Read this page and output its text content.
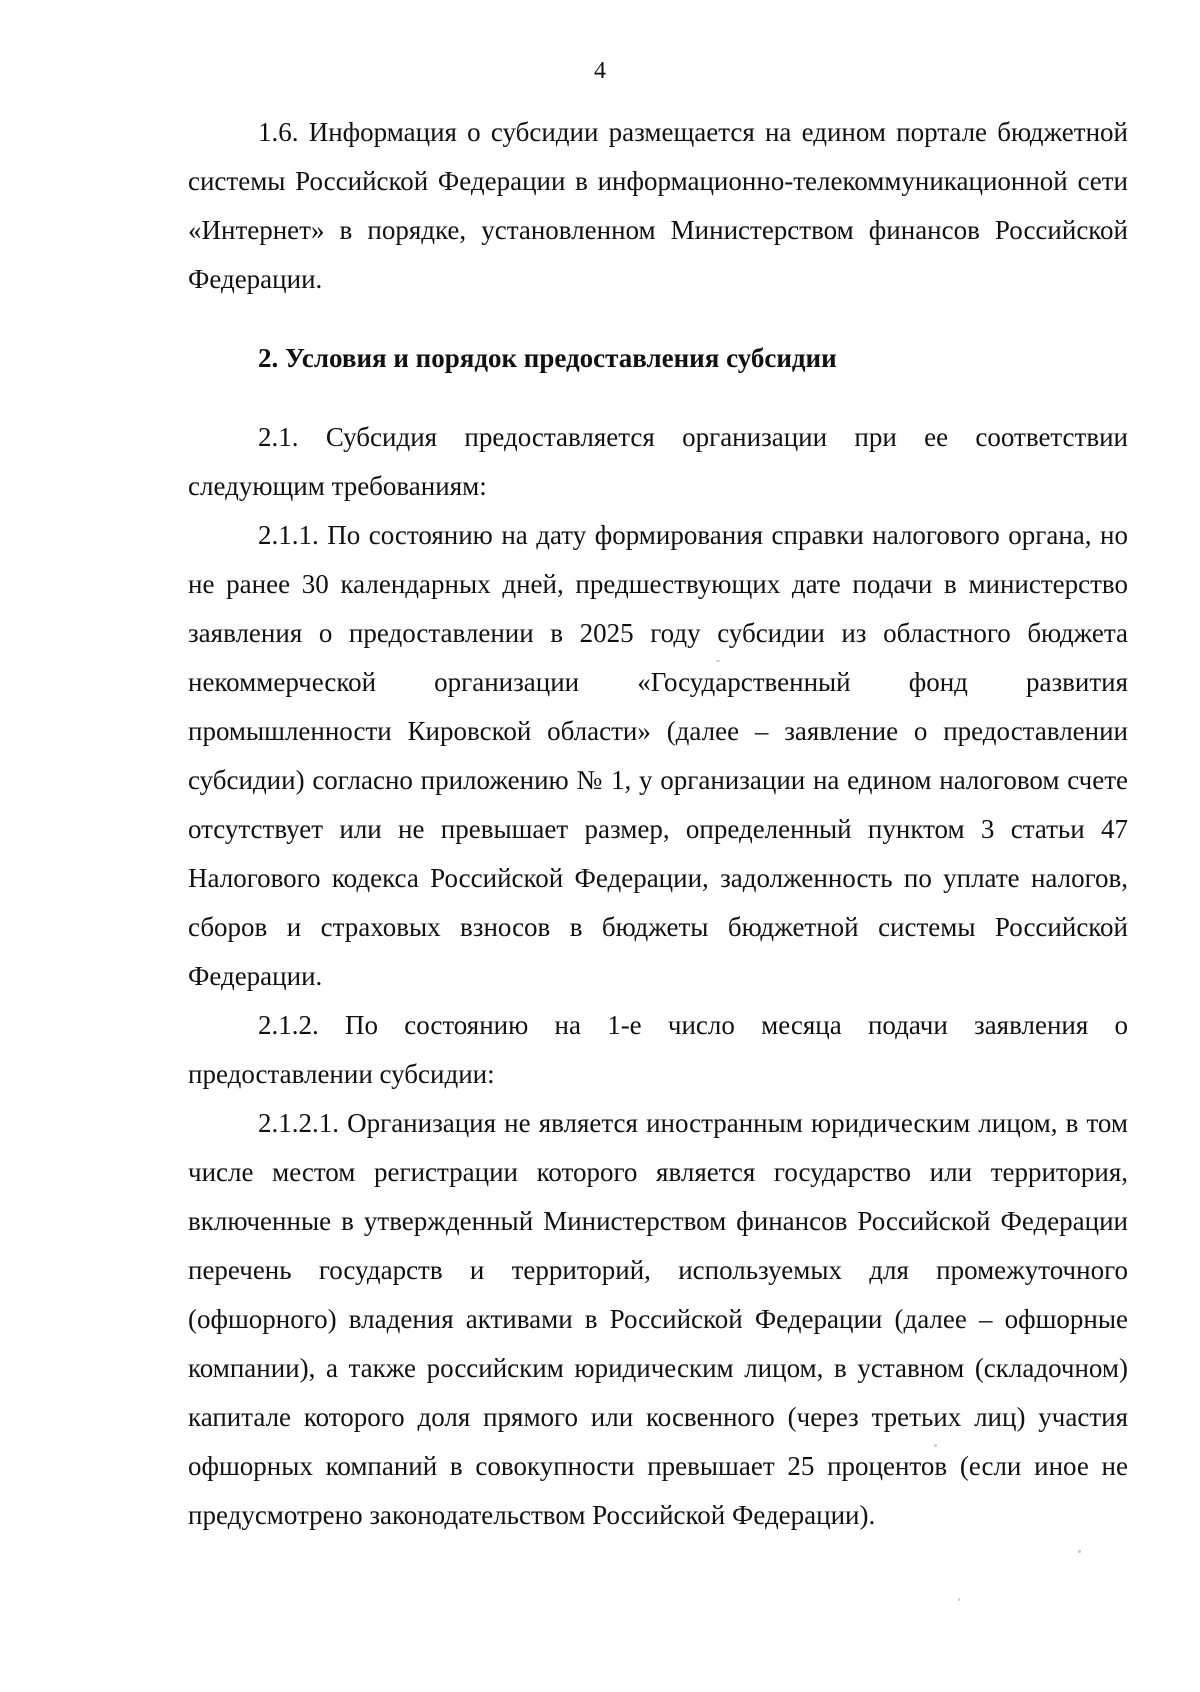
4

1.6. Информация о субсидии размещается на едином портале бюджетной системы Российской Федерации в информационно-телекоммуникационной сети «Интернет» в порядке, установленном Министерством финансов Российской Федерации.

2. Условия и порядок предоставления субсидии

2.1. Субсидия предоставляется организации при ее соответствии следующим требованиям:

2.1.1. По состоянию на дату формирования справки налогового органа, но не ранее 30 календарных дней, предшествующих дате подачи в министерство заявления о предоставлении в 2025 году субсидии из областного бюджета некоммерческой организации «Государственный фонд развития промышленности Кировской области» (далее – заявление о предоставлении субсидии) согласно приложению № 1, у организации на едином налоговом счете отсутствует или не превышает размер, определенный пунктом 3 статьи 47 Налогового кодекса Российской Федерации, задолженность по уплате налогов, сборов и страховых взносов в бюджеты бюджетной системы Российской Федерации.

2.1.2. По состоянию на 1-е число месяца подачи заявления о предоставлении субсидии:

2.1.2.1. Организация не является иностранным юридическим лицом, в том числе местом регистрации которого является государство или территория, включенные в утвержденный Министерством финансов Российской Федерации перечень государств и территорий, используемых для промежуточного (офшорного) владения активами в Российской Федерации (далее – офшорные компании), а также российским юридическим лицом, в уставном (складочном) капитале которого доля прямого или косвенного (через третьих лиц) участия офшорных компаний в совокупности превышает 25 процентов (если иное не предусмотрено законодательством Российской Федерации).
